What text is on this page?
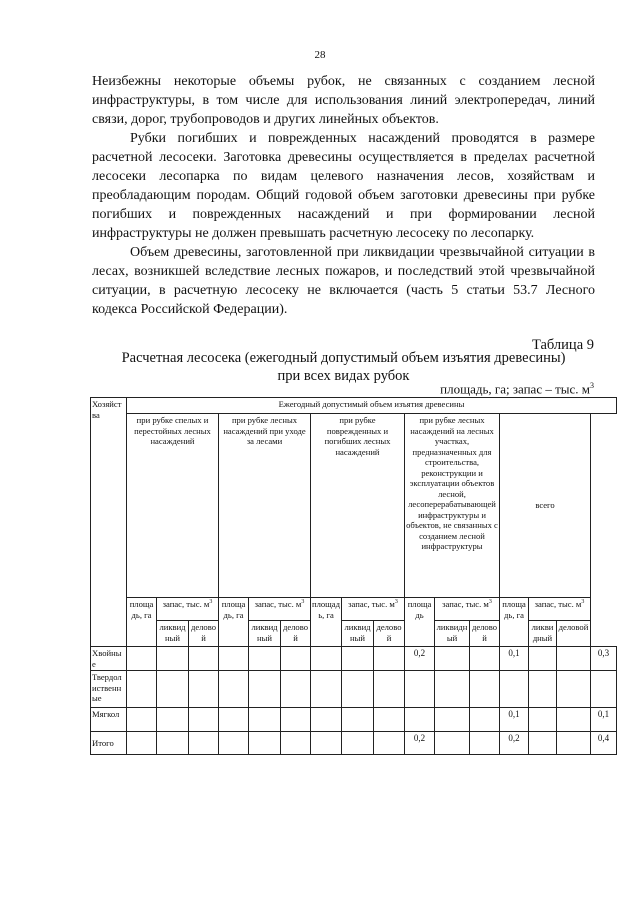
28

Неизбежны некоторые объемы рубок, не связанных с созданием лесной инфраструктуры, в том числе для использования линий электропередач, линий связи, дорог, трубопроводов и других линейных объектов.

Рубки погибших и поврежденных насаждений проводятся в размере расчетной лесосеки. Заготовка древесины осуществляется в пределах расчетной лесосеки лесопарка по видам целевого назначения лесов, хозяйствам и преобладающим породам. Общий годовой объем заготовки древесины при рубке погибших и поврежденных насаждений и при формировании лесной инфраструктуры не должен превышать расчетную лесосеку по лесопарку.

Объем древесины, заготовленной при ликвидации чрезвычайной ситуации в лесах, возникшей вследствие лесных пожаров, и последствий этой чрезвычайной ситуации, в расчетную лесосеку не включается (часть 5 статьи 53.7 Лесного кодекса Российской Федерации).

Таблица 9
Расчетная лесосека (ежегодный допустимый объем изъятия древесины)
при всех видах рубок
площадь, га; запас – тыс. $м^3$
Хозяйства	Ежегодный допустимый объем изъятия древесины															
	при рубке спелых и перестойных лесных насаждений			при рубке лесных насаждений при уходе за лесами			при рубке поврежденных и погибших лесных насаждений			при рубке лесных насаждений на лесных участках, предназначенных для строительства, реконструкции и эксплуатации объектов лесной, лесоперерабатывающей инфраструктуры и объектов, не связанных с созданием лесной инфраструктуры			всего			
	площадь, га	запас, тыс. $м^3$		площадь, га	запас, тыс. $м^3$		площадь, га	запас, тыс. $м^3$		площадь	запас, тыс. $м^3$		площадь, га	запас, тыс. $м^3$
		ликвидный	деловой		ликвидный	деловой		ликвидный	деловой		ликвидный	деловой		ликвидный	деловой	
Хвойные										0,2			0,1			0,3
Твердолиственные																
Мягкол													0,1			0,1
Итого										0,2			0,2			0,4
